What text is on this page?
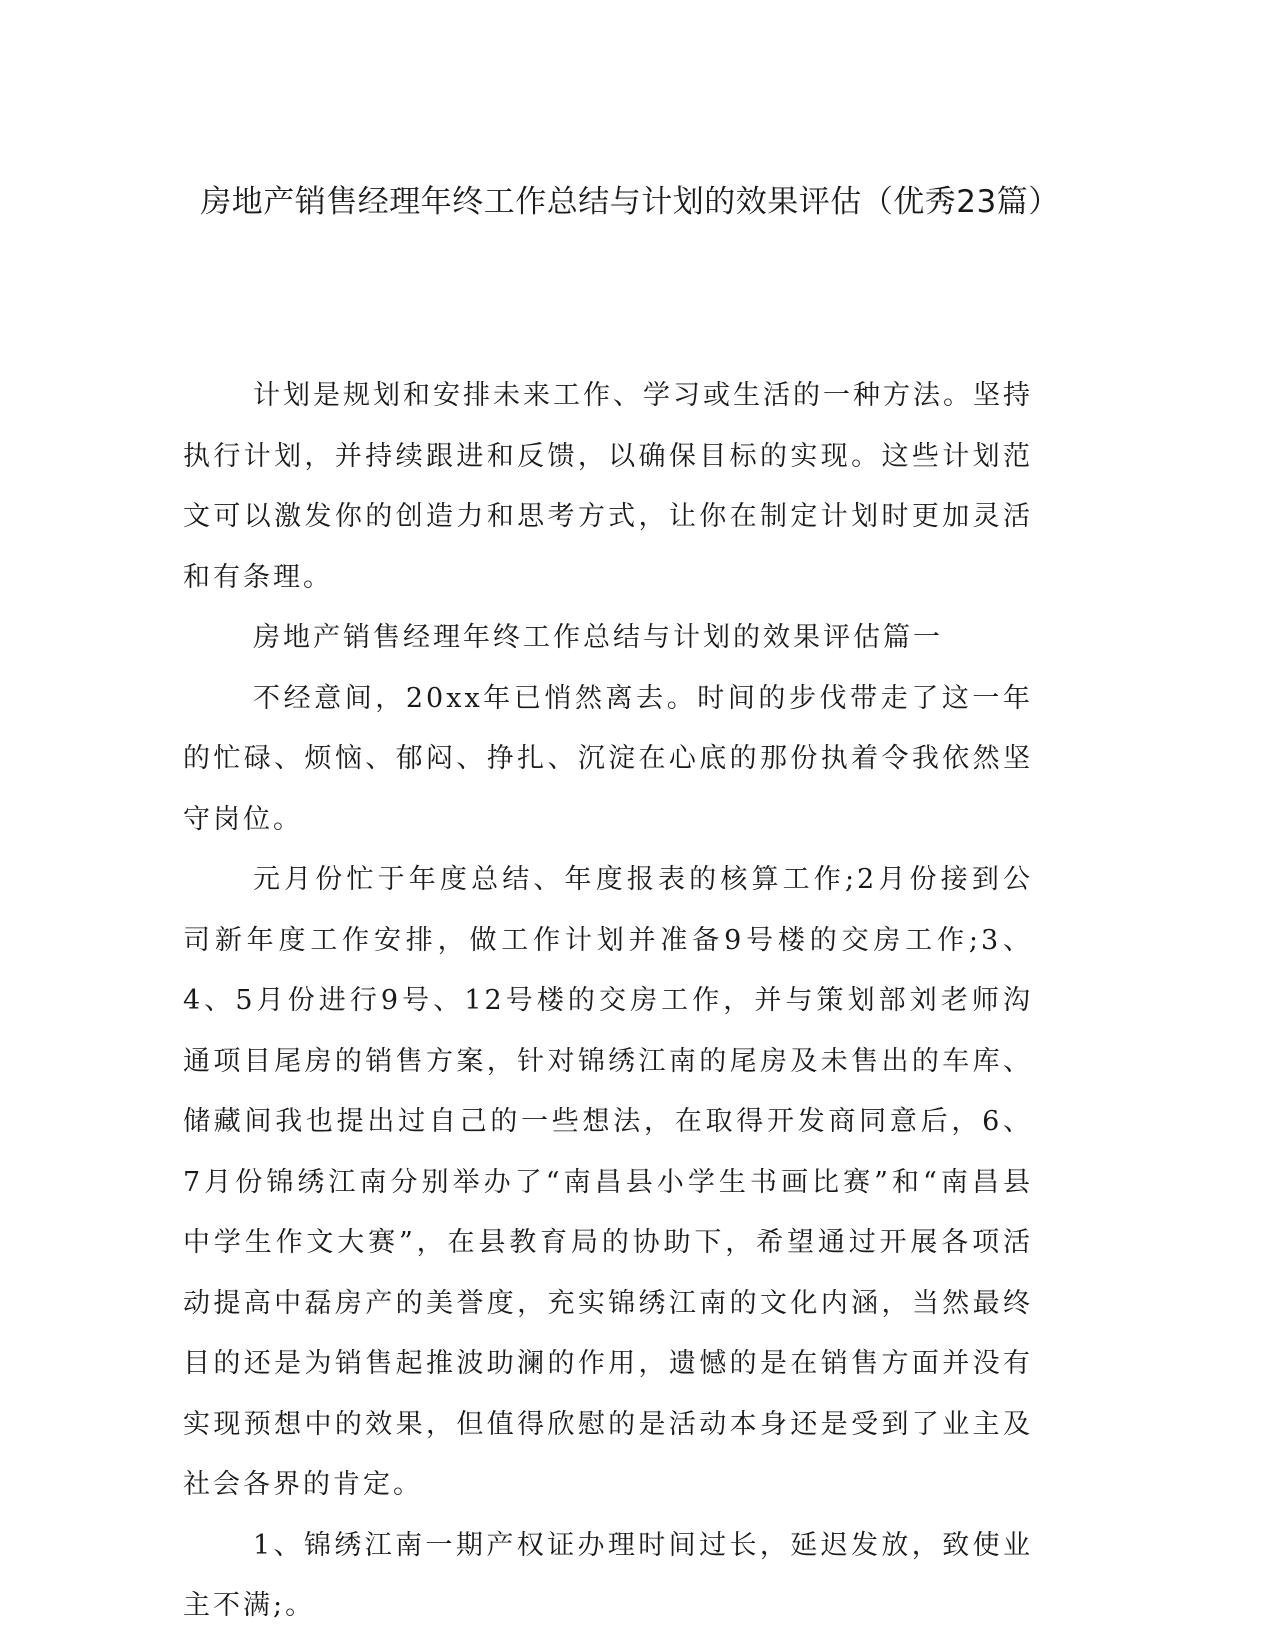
房地产销售经理年终工作总结与计划的效果评估（优秀23篇）

计划是规划和安排未来工作、学习或生活的一种方法。坚持执行计划，并持续跟进和反馈，以确保目标的实现。这些计划范文可以激发你的创造力和思考方式，让你在制定计划时更加灵活和有条理。

房地产销售经理年终工作总结与计划的效果评估篇一

不经意间，20xx年已悄然离去。时间的步伐带走了这一年的忙碌、烦恼、郁闷、挣扎、沉淀在心底的那份执着令我依然坚守岗位。

元月份忙于年度总结、年度报表的核算工作;2月份接到公司新年度工作安排，做工作计划并准备9号楼的交房工作;3、4、5月份进行9号、12号楼的交房工作，并与策划部刘老师沟通项目尾房的销售方案，针对锦绣江南的尾房及未售出的车库、储藏间我也提出过自己的一些想法，在取得开发商同意后，6、7月份锦绣江南分别举办了“南昌县小学生书画比赛”和“南昌县中学生作文大赛”，在县教育局的协助下，希望通过开展各项活动提高中磊房产的美誉度，充实锦绣江南的文化内涵，当然最终目的还是为销售起推波助澜的作用，遗憾的是在销售方面并没有实现预想中的效果，但值得欣慰的是活动本身还是受到了业主及社会各界的肯定。

1、锦绣江南一期产权证办理时间过长，延迟发放，致使业主不满;。
